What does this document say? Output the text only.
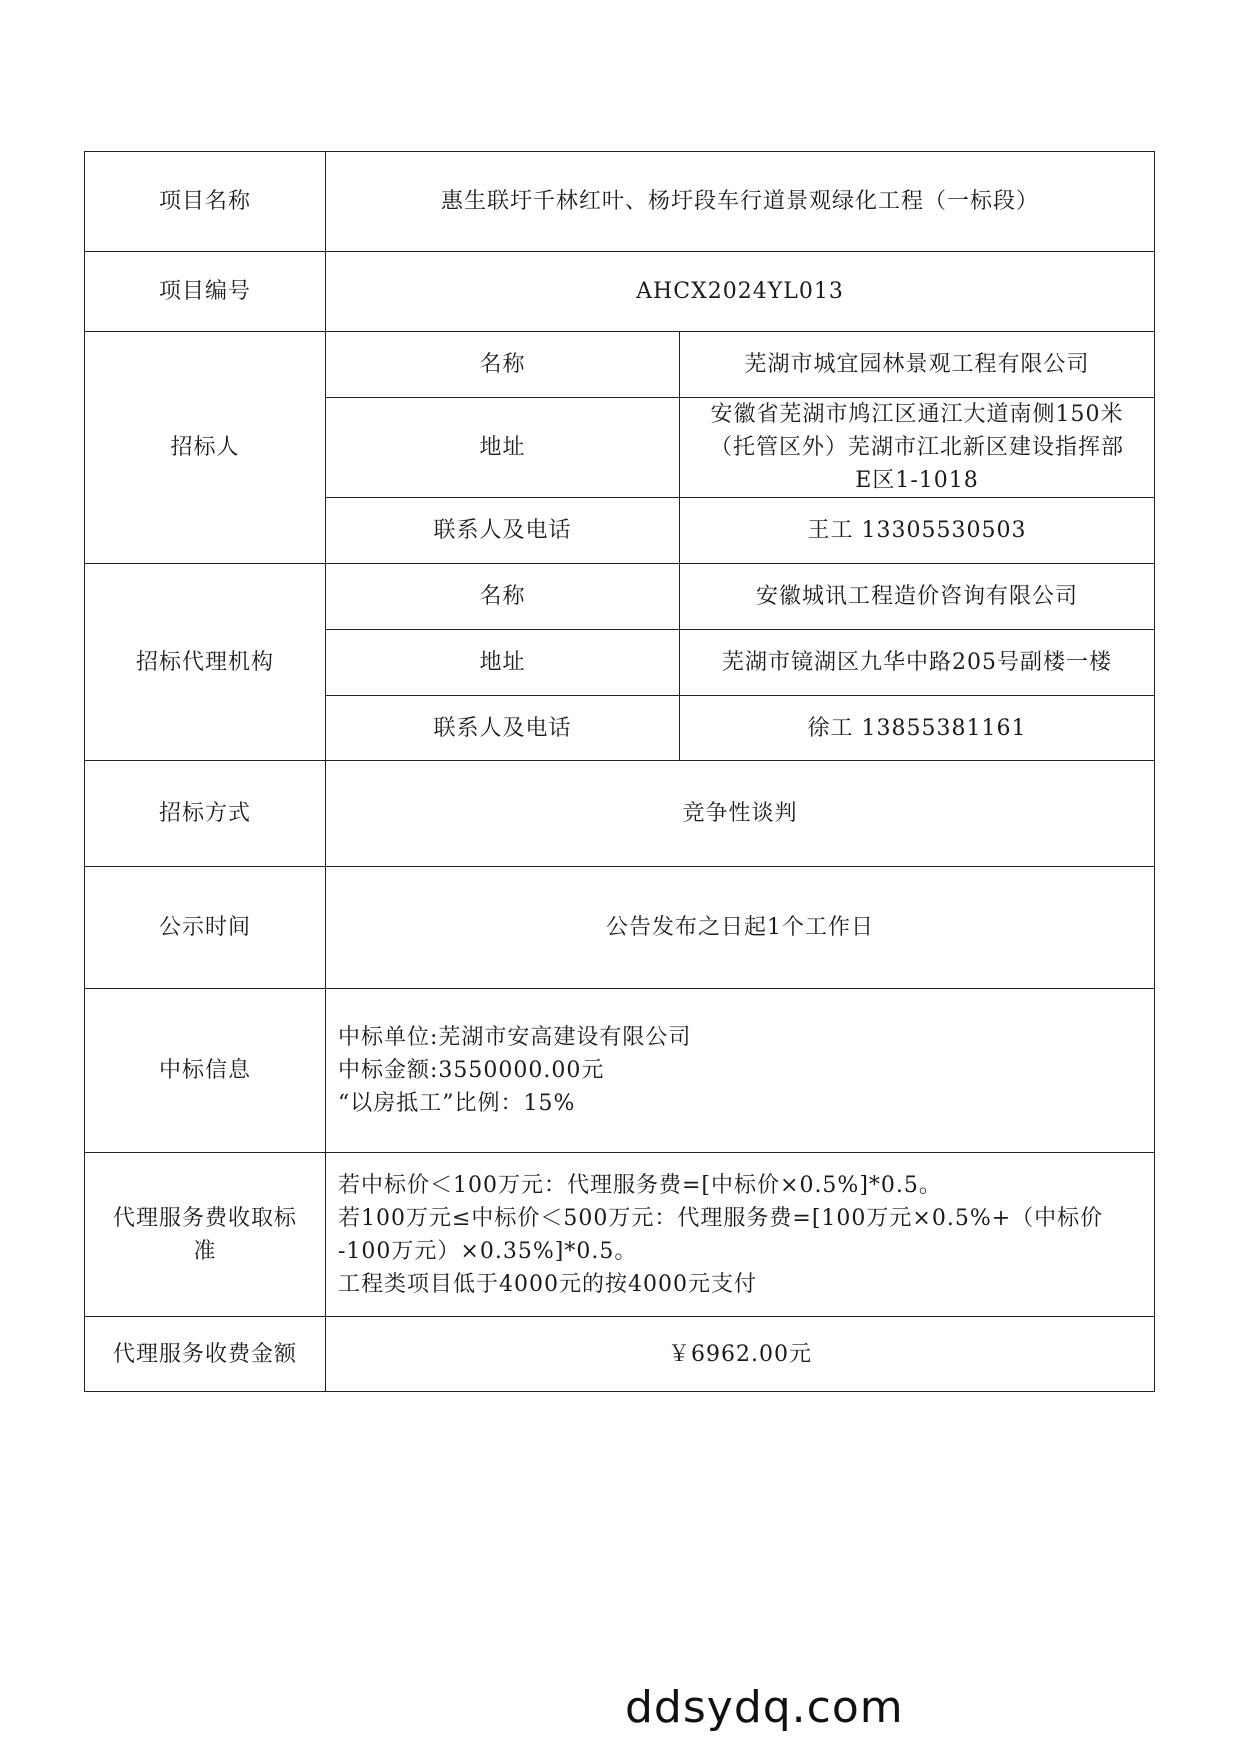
项目名称	惠生联圩千林红叶、杨圩段车行道景观绿化工程（一标段）	
项目编号	AHCX2024YL013	
招标人	名称	芜湖市城宜园林景观工程有限公司
	地址	安徽省芜湖市鸠江区通江大道南侧150米
（托管区外）芜湖市江北新区建设指挥部
E区1-1018

	联系人及电话	王工 13305530503
招标代理机构	名称	安徽城讯工程造价咨询有限公司
	地址	芜湖市镜湖区九华中路205号副楼一楼
	联系人及电话	徐工 13855381161
招标方式	竞争性谈判	
公示时间	公告发布之日起1个工作日	
中标信息	中标单位:芜湖市安高建设有限公司
中标金额:3550000.00元
“以房抵工”比例：15%	

代理服务费收取标
准	若中标价＜100万元：代理服务费=[中标价×0.5%]*0.5。
若100万元≤中标价＜500万元：代理服务费=[100万元×0.5%+（中标价
-100万元）×0.35%]*0.5。
工程类项目低于4000元的按4000元支付	

代理服务收费金额	￥6962.00元	
ddsydq.com
